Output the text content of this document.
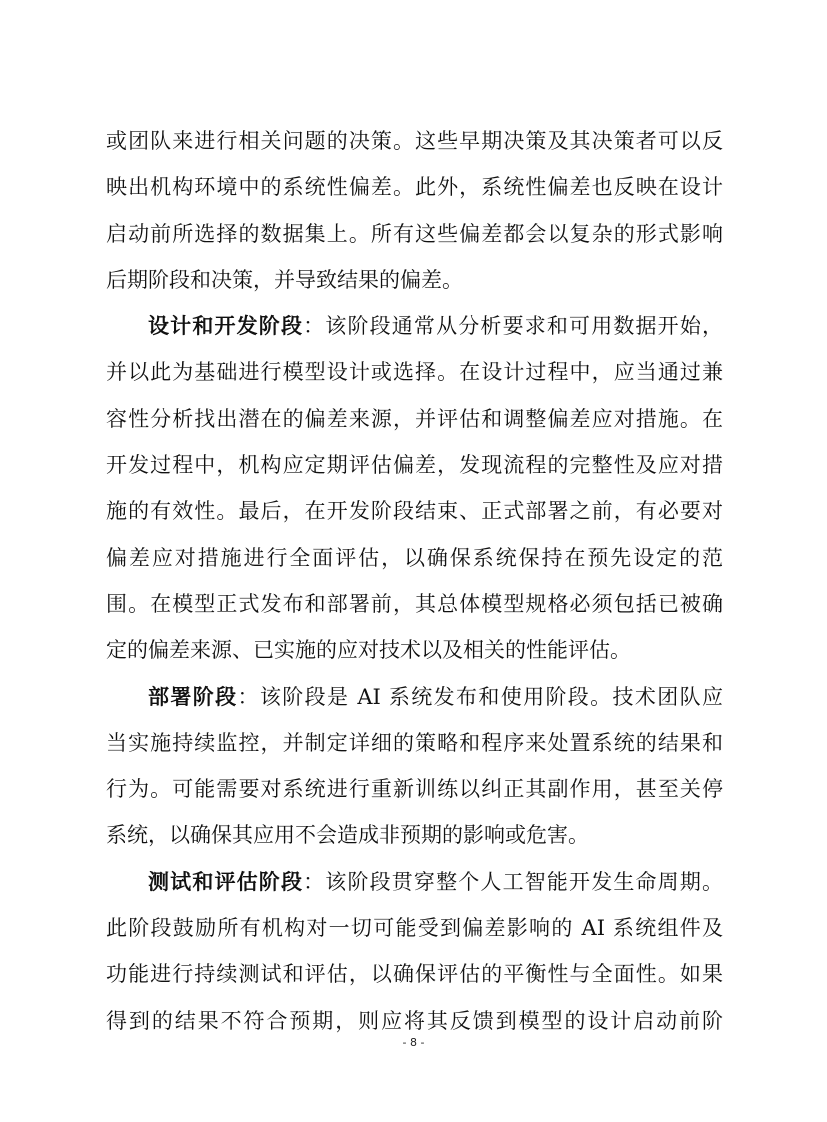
或团队来进行相关问题的决策。这些早期决策及其决策者可以反
映出机构环境中的系统性偏差。此外，系统性偏差也反映在设计
启动前所选择的数据集上。所有这些偏差都会以复杂的形式影响
后期阶段和决策，并导致结果的偏差。

设计和开发阶段：该阶段通常从分析要求和可用数据开始，
并以此为基础进行模型设计或选择。在设计过程中，应当通过兼
容性分析找出潜在的偏差来源，并评估和调整偏差应对措施。在
开发过程中，机构应定期评估偏差，发现流程的完整性及应对措
施的有效性。最后，在开发阶段结束、正式部署之前，有必要对
偏差应对措施进行全面评估，以确保系统保持在预先设定的范
围。在模型正式发布和部署前，其总体模型规格必须包括已被确
定的偏差来源、已实施的应对技术以及相关的性能评估。

部署阶段：该阶段是 AI 系统发布和使用阶段。技术团队应
当实施持续监控，并制定详细的策略和程序来处置系统的结果和
行为。可能需要对系统进行重新训练以纠正其副作用，甚至关停
系统，以确保其应用不会造成非预期的影响或危害。

测试和评估阶段：该阶段贯穿整个人工智能开发生命周期。
此阶段鼓励所有机构对一切可能受到偏差影响的 AI 系统组件及
功能进行持续测试和评估，以确保评估的平衡性与全面性。如果
得到的结果不符合预期，则应将其反馈到模型的设计启动前阶

- 8 -
